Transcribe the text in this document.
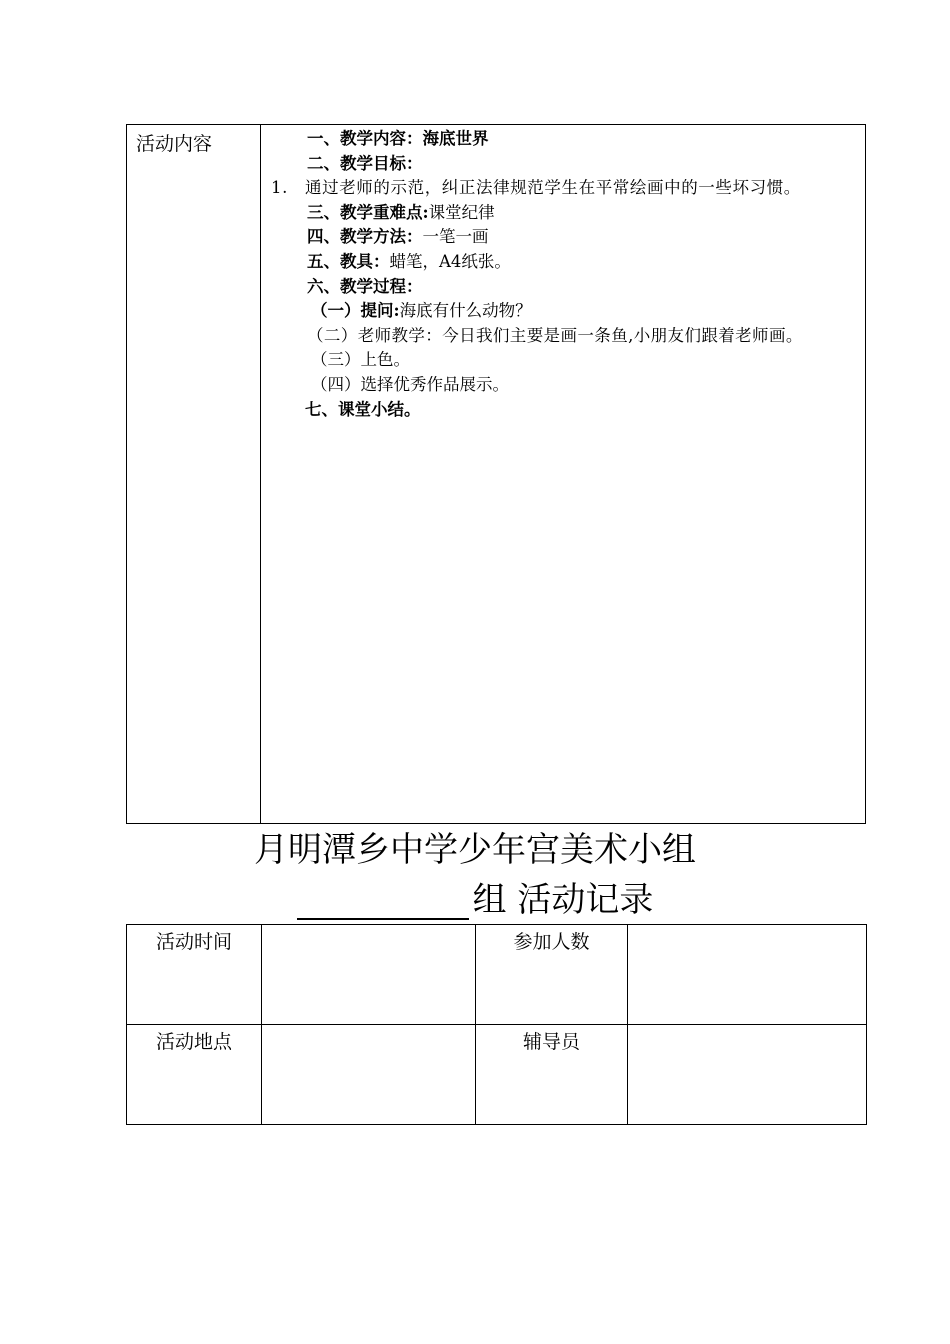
活动内容	一、教学内容：海底世界
二、教学目标：
1. 通过老师的示范，纠正法律规范学生在平常绘画中的一些坏习惯。
三、教学重难点:课堂纪律
四、教学方法：一笔一画
五、教具：蜡笔，A4纸张。
六、教学过程：
（一）提问:海底有什么动物？
（二）老师教学：今日我们主要是画一条鱼,小朋友们跟着老师画。
（三）上色。
（四）选择优秀作品展示。
七、课堂小结。
月明潭乡中学少年宫美术小组
组 活动记录
活动时间		参加人数	

活动地点		辅导员	
